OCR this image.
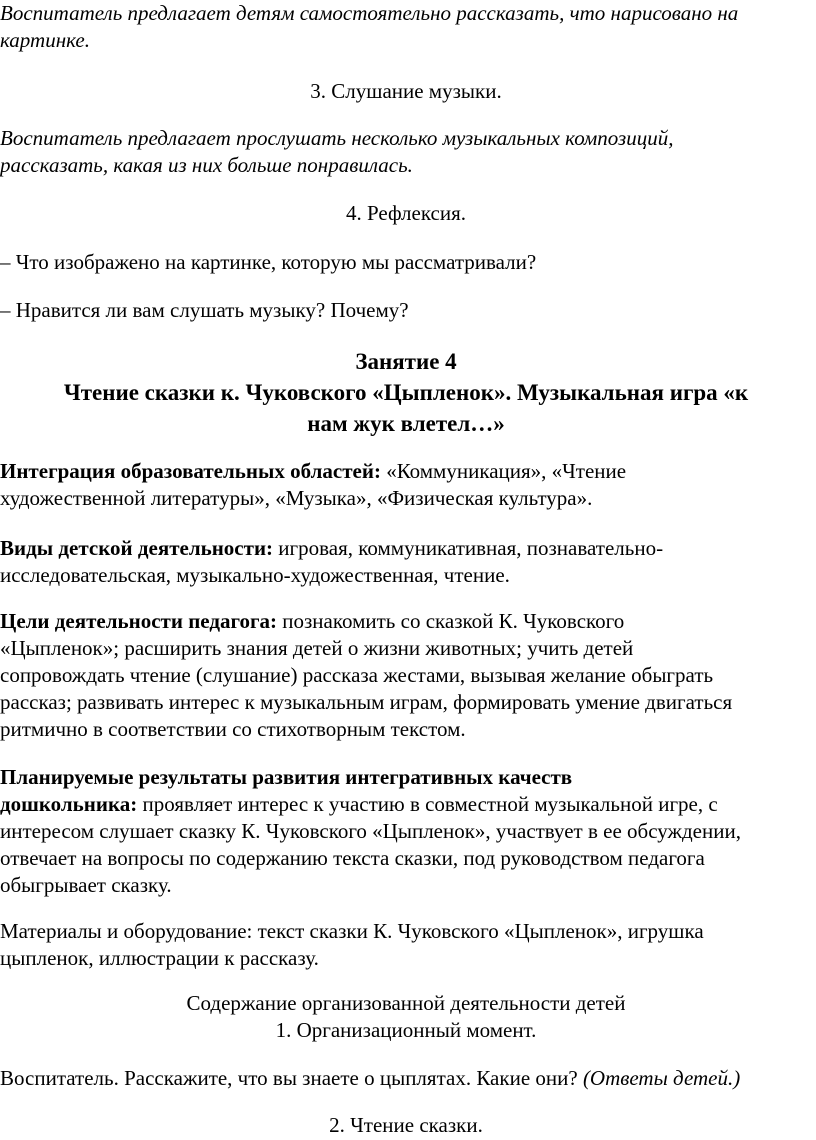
Воспитатель предлагает детям самостоятельно рассказать, что нарисовано на

картинке.

3. Слушание музыки.

Воспитатель предлагает прослушать несколько музыкальных композиций,

рассказать, какая из них больше понравилась.

4. Рефлексия.

– Что изображено на картинке, которую мы рассматривали?

– Нравится ли вам слушать музыку? Почему?

Занятие 4

Чтение сказки к. Чуковского «Цыпленок». Музыкальная игра «к

нам жук влетел…»

Интеграция образовательных областей: «Коммуникация», «Чтение

художественной литературы», «Музыка», «Физическая культура».

Виды детской деятельности: игровая, коммуникативная, познавательно-

исследовательская, музыкально-художественная, чтение.

Цели деятельности педагога: познакомить со сказкой К. Чуковского

«Цыпленок»; расширить знания детей о жизни животных; учить детей

сопровождать чтение (слушание) рассказа жестами, вызывая желание обыграть

рассказ; развивать интерес к музыкальным играм, формировать умение двигаться

ритмично в соответствии со стихотворным текстом.

Планируемые результаты развития интегративных качеств

дошкольника: проявляет интерес к участию в совместной музыкальной игре, с

интересом слушает сказку К. Чуковского «Цыпленок», участвует в ее обсуждении,

отвечает на вопросы по содержанию текста сказки, под руководством педагога

обыгрывает сказку.

Материалы и оборудование: текст сказки К. Чуковского «Цыпленок», игрушка

цыпленок, иллюстрации к рассказу.

Содержание организованной деятельности детей

1. Организационный момент.

Воспитатель. Расскажите, что вы знаете о цыплятах. Какие они? (Ответы детей.)

2. Чтение сказки.
